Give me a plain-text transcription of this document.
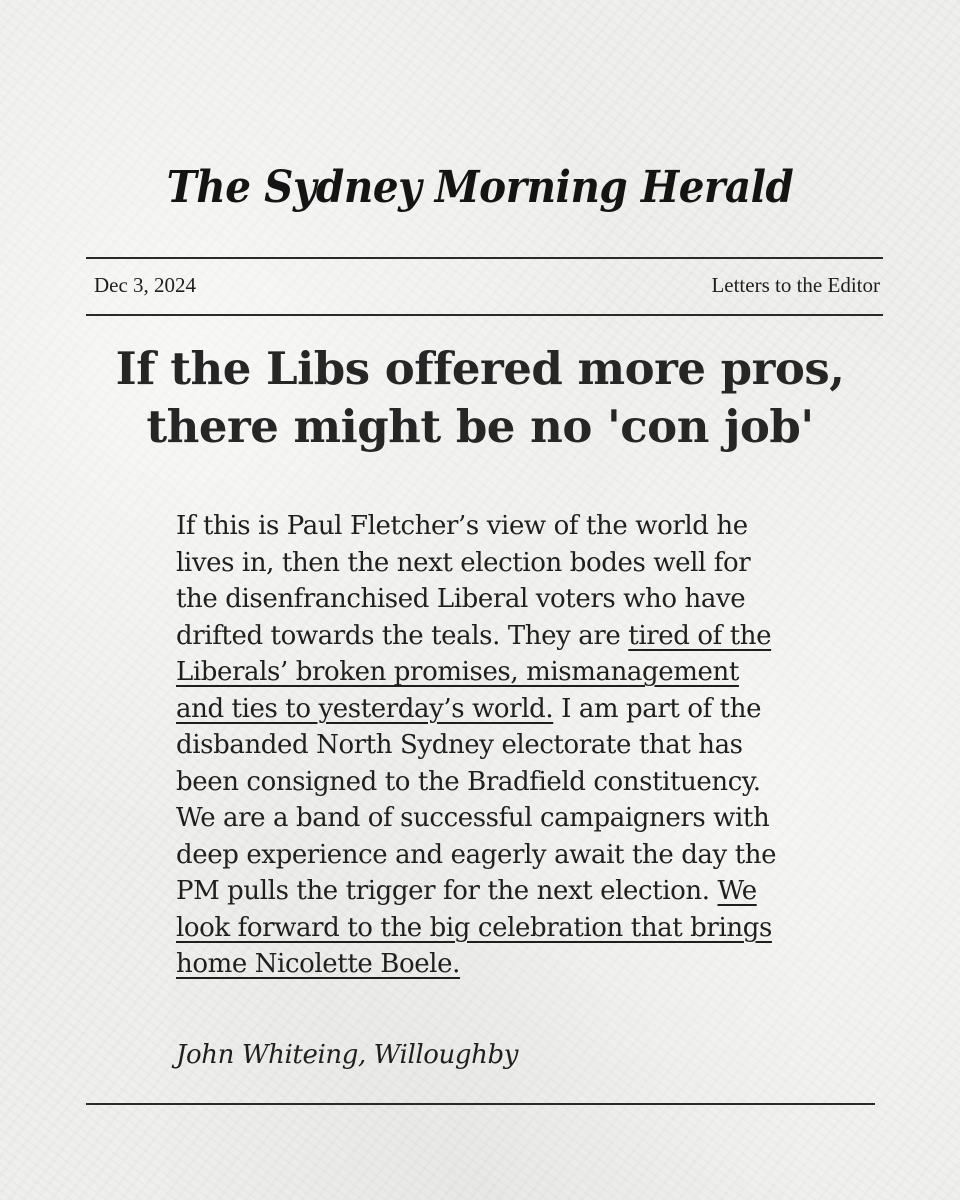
The Sydney Morning Herald
Dec 3, 2024	Letters to the Editor
If the Libs offered more pros,
there might be no 'con job'
If this is Paul Fletcher’s view of the world he
lives in, then the next election bodes well for
the disenfranchised Liberal voters who have
drifted towards the teals. They are tired of the
Liberals’ broken promises, mismanagement
and ties to yesterday’s world. I am part of the
disbanded North Sydney electorate that has
been consigned to the Bradfield constituency.
We are a band of successful campaigners with
deep experience and eagerly await the day the
PM pulls the trigger for the next election. We
look forward to the big celebration that brings
home Nicolette Boele.
John Whiteing, Willoughby
